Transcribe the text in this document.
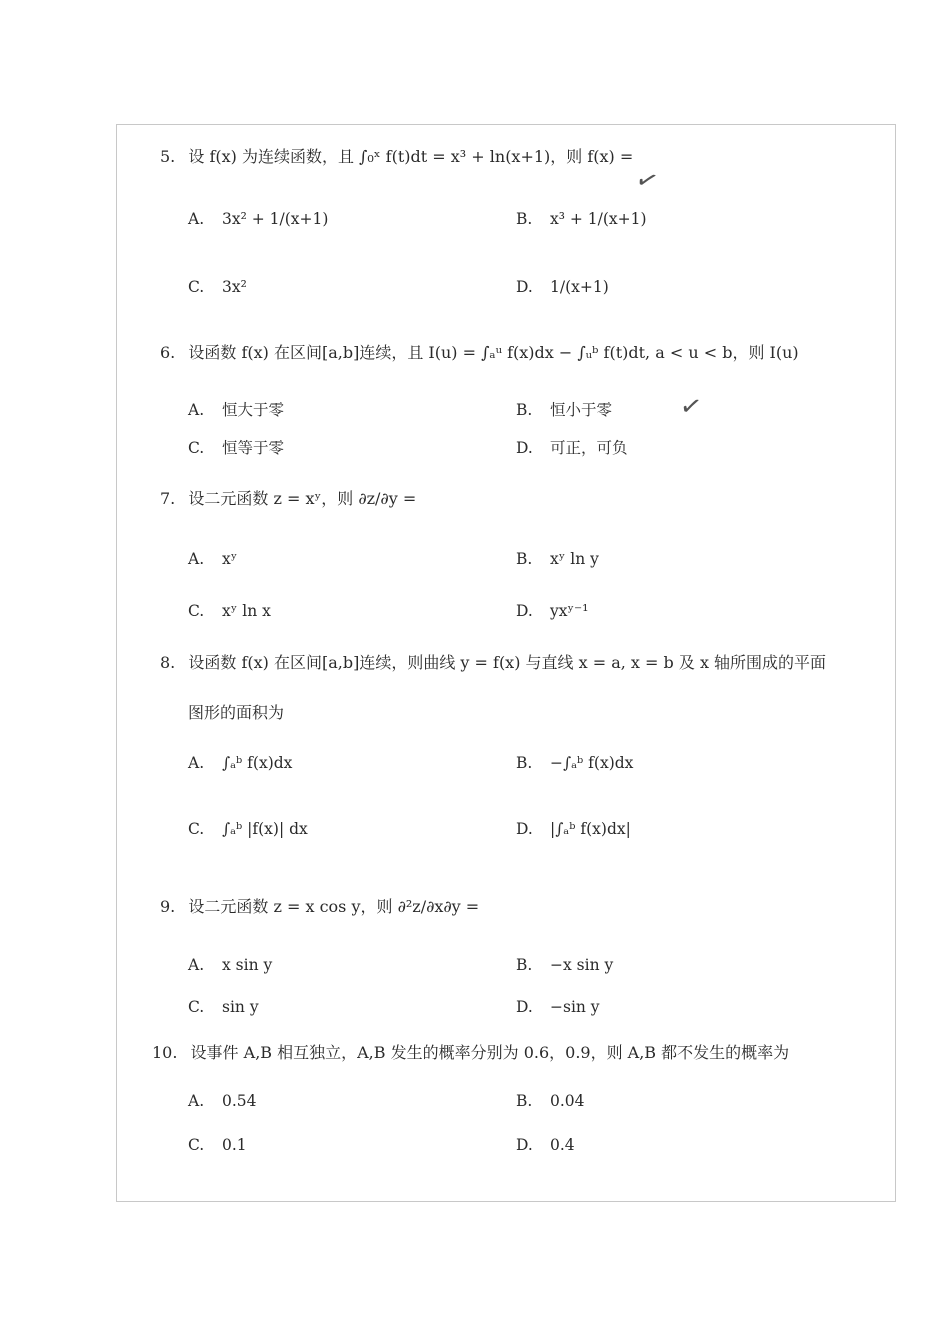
✓
✓
5. 设 f(x) 为连续函数，且 ∫₀ˣ f(t)dt = x³ + ln(x+1)，则 f(x) =
A. 3x² + 1/(x+1)	B. x³ + 1/(x+1)
C. 3x²	D. 1/(x+1)
6. 设函数 f(x) 在区间[a,b]连续，且 I(u) = ∫ₐᵘ f(x)dx − ∫ᵤᵇ f(t)dt, a < u < b，则 I(u)
A. 恒大于零	B. 恒小于零
C. 恒等于零	D. 可正，可负
7. 设二元函数 z = xʸ，则 ∂z/∂y =
A. xʸ	B. xʸ ln y
C. xʸ ln x	D. yxʸ⁻¹
8. 设函数 f(x) 在区间[a,b]连续，则曲线 y = f(x) 与直线 x = a, x = b 及 x 轴所围成的平面
图形的面积为
A. ∫ₐᵇ f(x)dx	B. −∫ₐᵇ f(x)dx
C. ∫ₐᵇ |f(x)| dx	D. |∫ₐᵇ f(x)dx|
9. 设二元函数 z = x cos y，则 ∂²z/∂x∂y =
A. x sin y	B. −x sin y
C. sin y	D. −sin y
10. 设事件 A,B 相互独立，A,B 发生的概率分别为 0.6，0.9，则 A,B 都不发生的概率为
A. 0.54	B. 0.04
C. 0.1	D. 0.4
